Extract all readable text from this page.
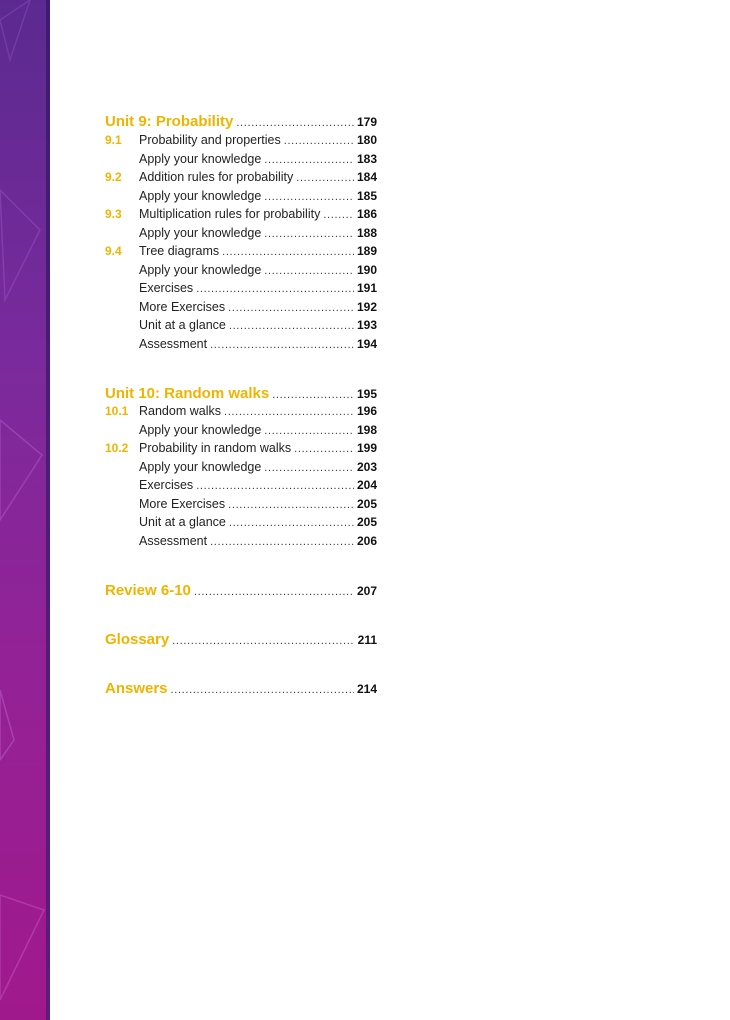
Unit 9: Probability . . .	179
9.1	Probability and properties . . .	180
Apply your knowledge . . .	183
9.2	Addition rules for probability . . .	184
Apply your knowledge . . .	185
9.3	Multiplication rules for probability . . .	186
Apply your knowledge . . .	188
9.4	Tree diagrams . . .	189
Apply your knowledge . . .	190
Exercises . . .	191
More Exercises . . .	192
Unit at a glance . . .	193
Assessment . . .	194
Unit 10: Random walks . . .	195
10.1 Random walks . . .	196
Apply your knowledge . . .	198
10.2 Probability in random walks . . .	199
Apply your knowledge . . .	203
Exercises . . .	204
More Exercises . . .	205
Unit at a glance . . .	205
Assessment . . .	206
Review 6-10 . . .	207
Glossary . . .	211
Answers . . .	214
